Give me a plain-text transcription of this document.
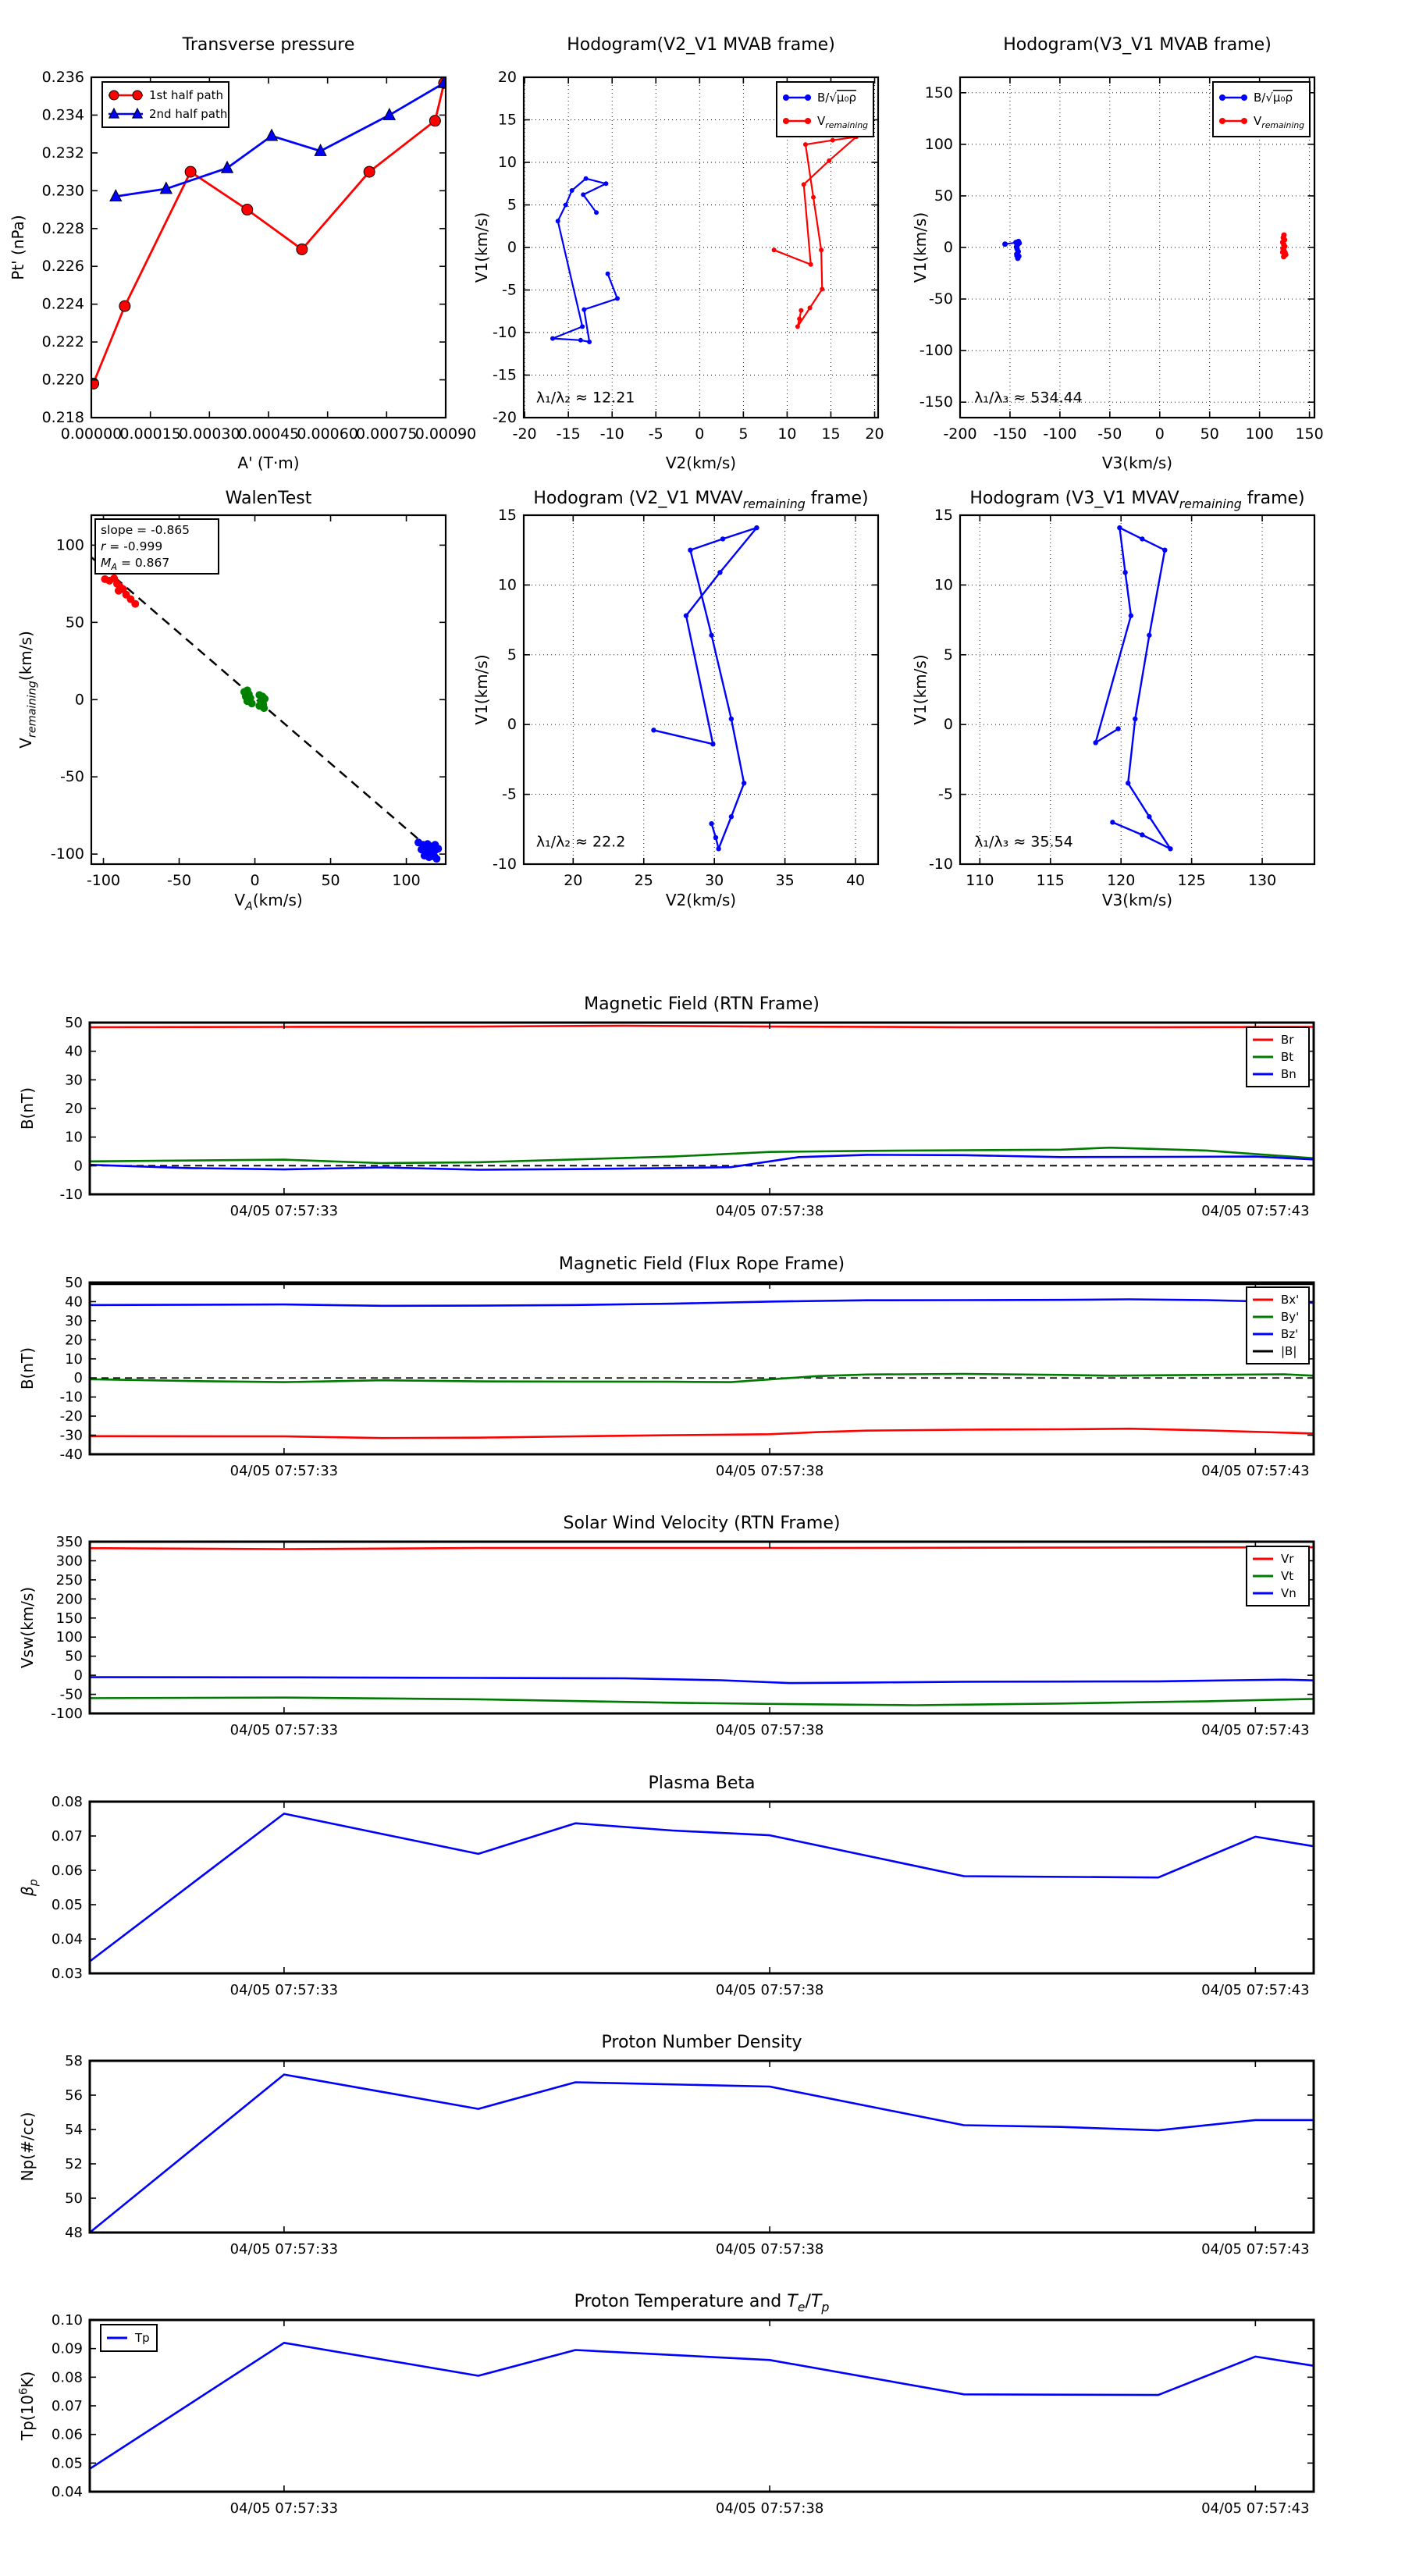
0.00000
0.00015
0.00030
0.00045
0.00060
0.00075
0.00090
0.218
0.220
0.222
0.224
0.226
0.228
0.230
0.232
0.234
0.236
Transverse pressure
A' (T·m)
Pt' (nPa)
1st half path
2nd half path
-20 -15 -10 -5 0 5 10 15 20
-20
-15
-10
-5
0
5
10
15
20
Hodogram(V2_V1 MVAB frame)
V2(km/s)
V1(km/s)
B/√μ₀ρ
$V_{remaining}$
λ₁/λ₂ ≈ 12.21
-200 -150 -100 -50 0 50 100 150
-150
-100
-50
0
50
100
150
Hodogram(V3_V1 MVAB frame)
V3(km/s)
V1(km/s)
B/√μ₀ρ
$V_{remaining}$
λ₁/λ₃ ≈ 534.44
-100	-50	0	50	100
-100
-50
0
50
100
WalenTest
$V_A(km/s)$
$V_{remaining}(km/s)$
slope = -0.865
r = -0.999
$M_A = 0.867$
20	25	30	35	40
-10
-5
0
5
10
15
Hodogram (V2_V1 $MVAV_{remaining}$ frame)
V2(km/s)
V1(km/s)
λ₁/λ₂ ≈ 22.2
110	115	120	125	130
-10
-5
0
5
10
15
Hodogram (V3_V1 $MVAV_{remaining}$ frame)
V3(km/s)
V1(km/s)
λ₁/λ₃ ≈ 35.54
04/05 07:57:33	04/05 07:57:38	04/05 07:57:43
-10
0
10
20
30
40
50
Magnetic Field (RTN Frame)
B(nT)
Br
Bt
Bn
04/05 07:57:33	04/05 07:57:38	04/05 07:57:43
-40
-30
-20
-10
0
10
20
30
40
50
Magnetic Field (Flux Rope Frame)
B(nT)
Bx'
By'
Bz'
|B|
04/05 07:57:33	04/05 07:57:38	04/05 07:57:43
-100
-50
0
50
100
150
200
250
300
350
Solar Wind Velocity (RTN Frame)
Vsw(km/s)
Vr
Vt
Vn
04/05 07:57:33	04/05 07:57:38	04/05 07:57:43
0.03
0.04
0.05
0.06
0.07
0.08
Plasma Beta
$\beta_p$
04/05 07:57:33	04/05 07:57:38	04/05 07:57:43
48
50
52
54
56
58
Proton Number Density
Np(#/cc)
04/05 07:57:33	04/05 07:57:38	04/05 07:57:43
0.04
0.05
0.06
0.07
0.08
0.09
0.10
Proton Temperature and $T_e/T_p$
$Tp(10^6K)$
Tp
